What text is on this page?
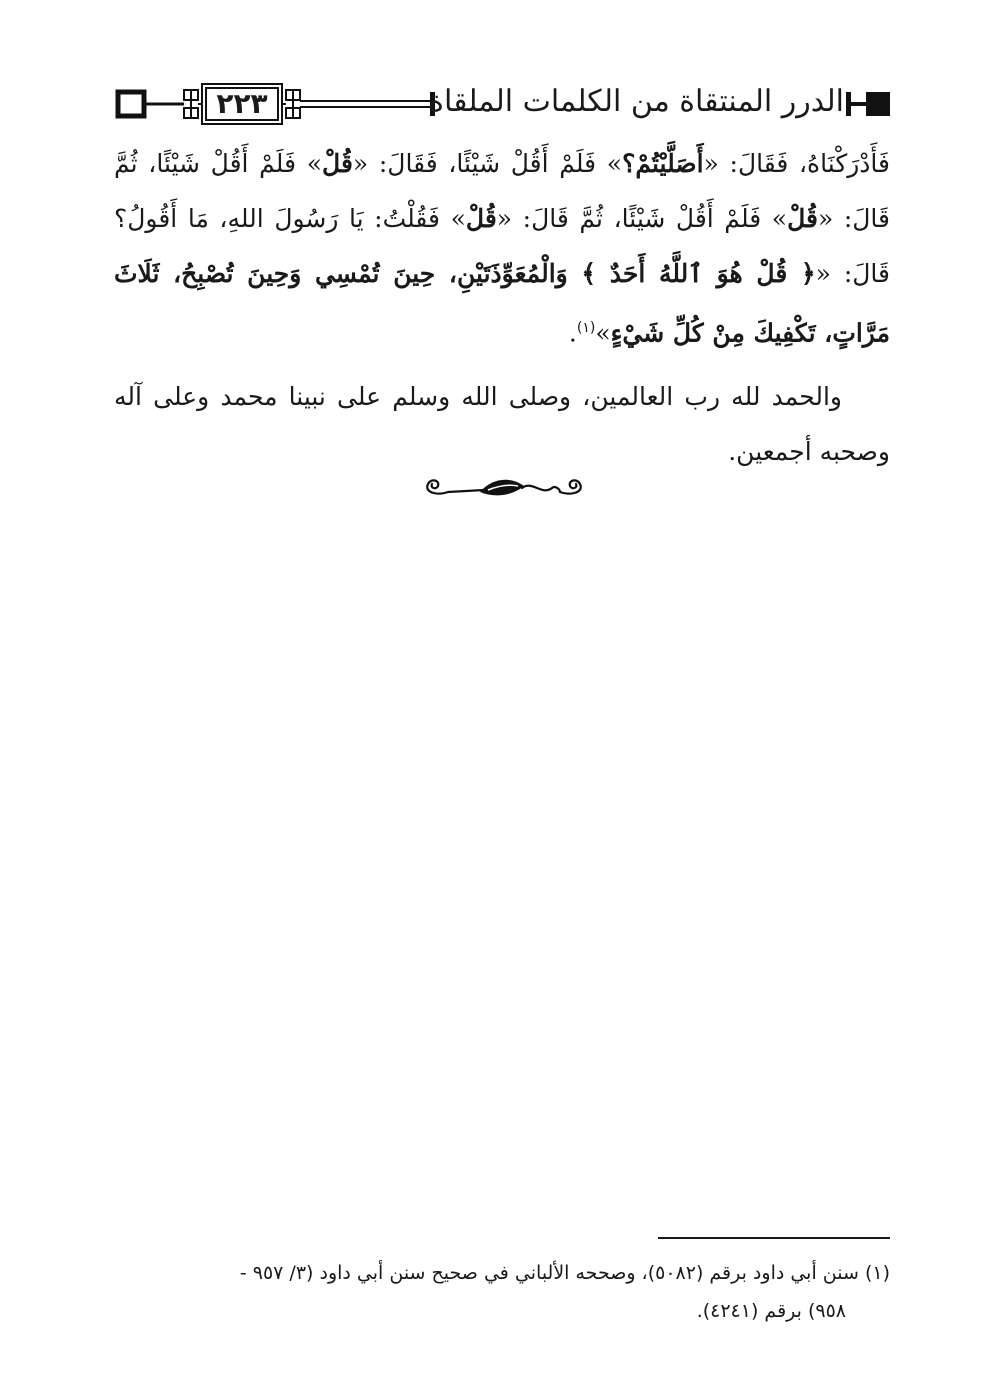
٢٢٣	الدرر المنتقاة من الكلمات الملقاة

فَأَدْرَكْنَاهُ، فَقَالَ: «أَصَلَّيْتُمْ؟» فَلَمْ أَقُلْ شَيْئًا، فَقَالَ: «قُلْ» فَلَمْ أَقُلْ شَيْئًا، ثُمَّ قَالَ: «قُلْ» فَلَمْ أَقُلْ شَيْئًا، ثُمَّ قَالَ: «قُلْ» فَقُلْتُ: يَا رَسُولَ اللهِ، مَا أَقُولُ؟ قَالَ: «﴿ قُلْ هُوَ ٱللَّهُ أَحَدٌ ﴾ وَالْمُعَوِّذَتَيْنِ، حِينَ تُمْسِي وَحِينَ تُصْبِحُ، ثَلَاثَ مَرَّاتٍ، تَكْفِيكَ مِنْ كُلِّ شَيْءٍ»$^{(١)}$.

والحمد لله رب العالمين، وصلى الله وسلم على نبينا محمد وعلى آله وصحبه أجمعين.

(١) سنن أبي داود برقم (٥٠٨٢)، وصححه الألباني في صحيح سنن أبي داود (٣/ ٩٥٧ -

٩٥٨) برقم (٤٢٤١).
